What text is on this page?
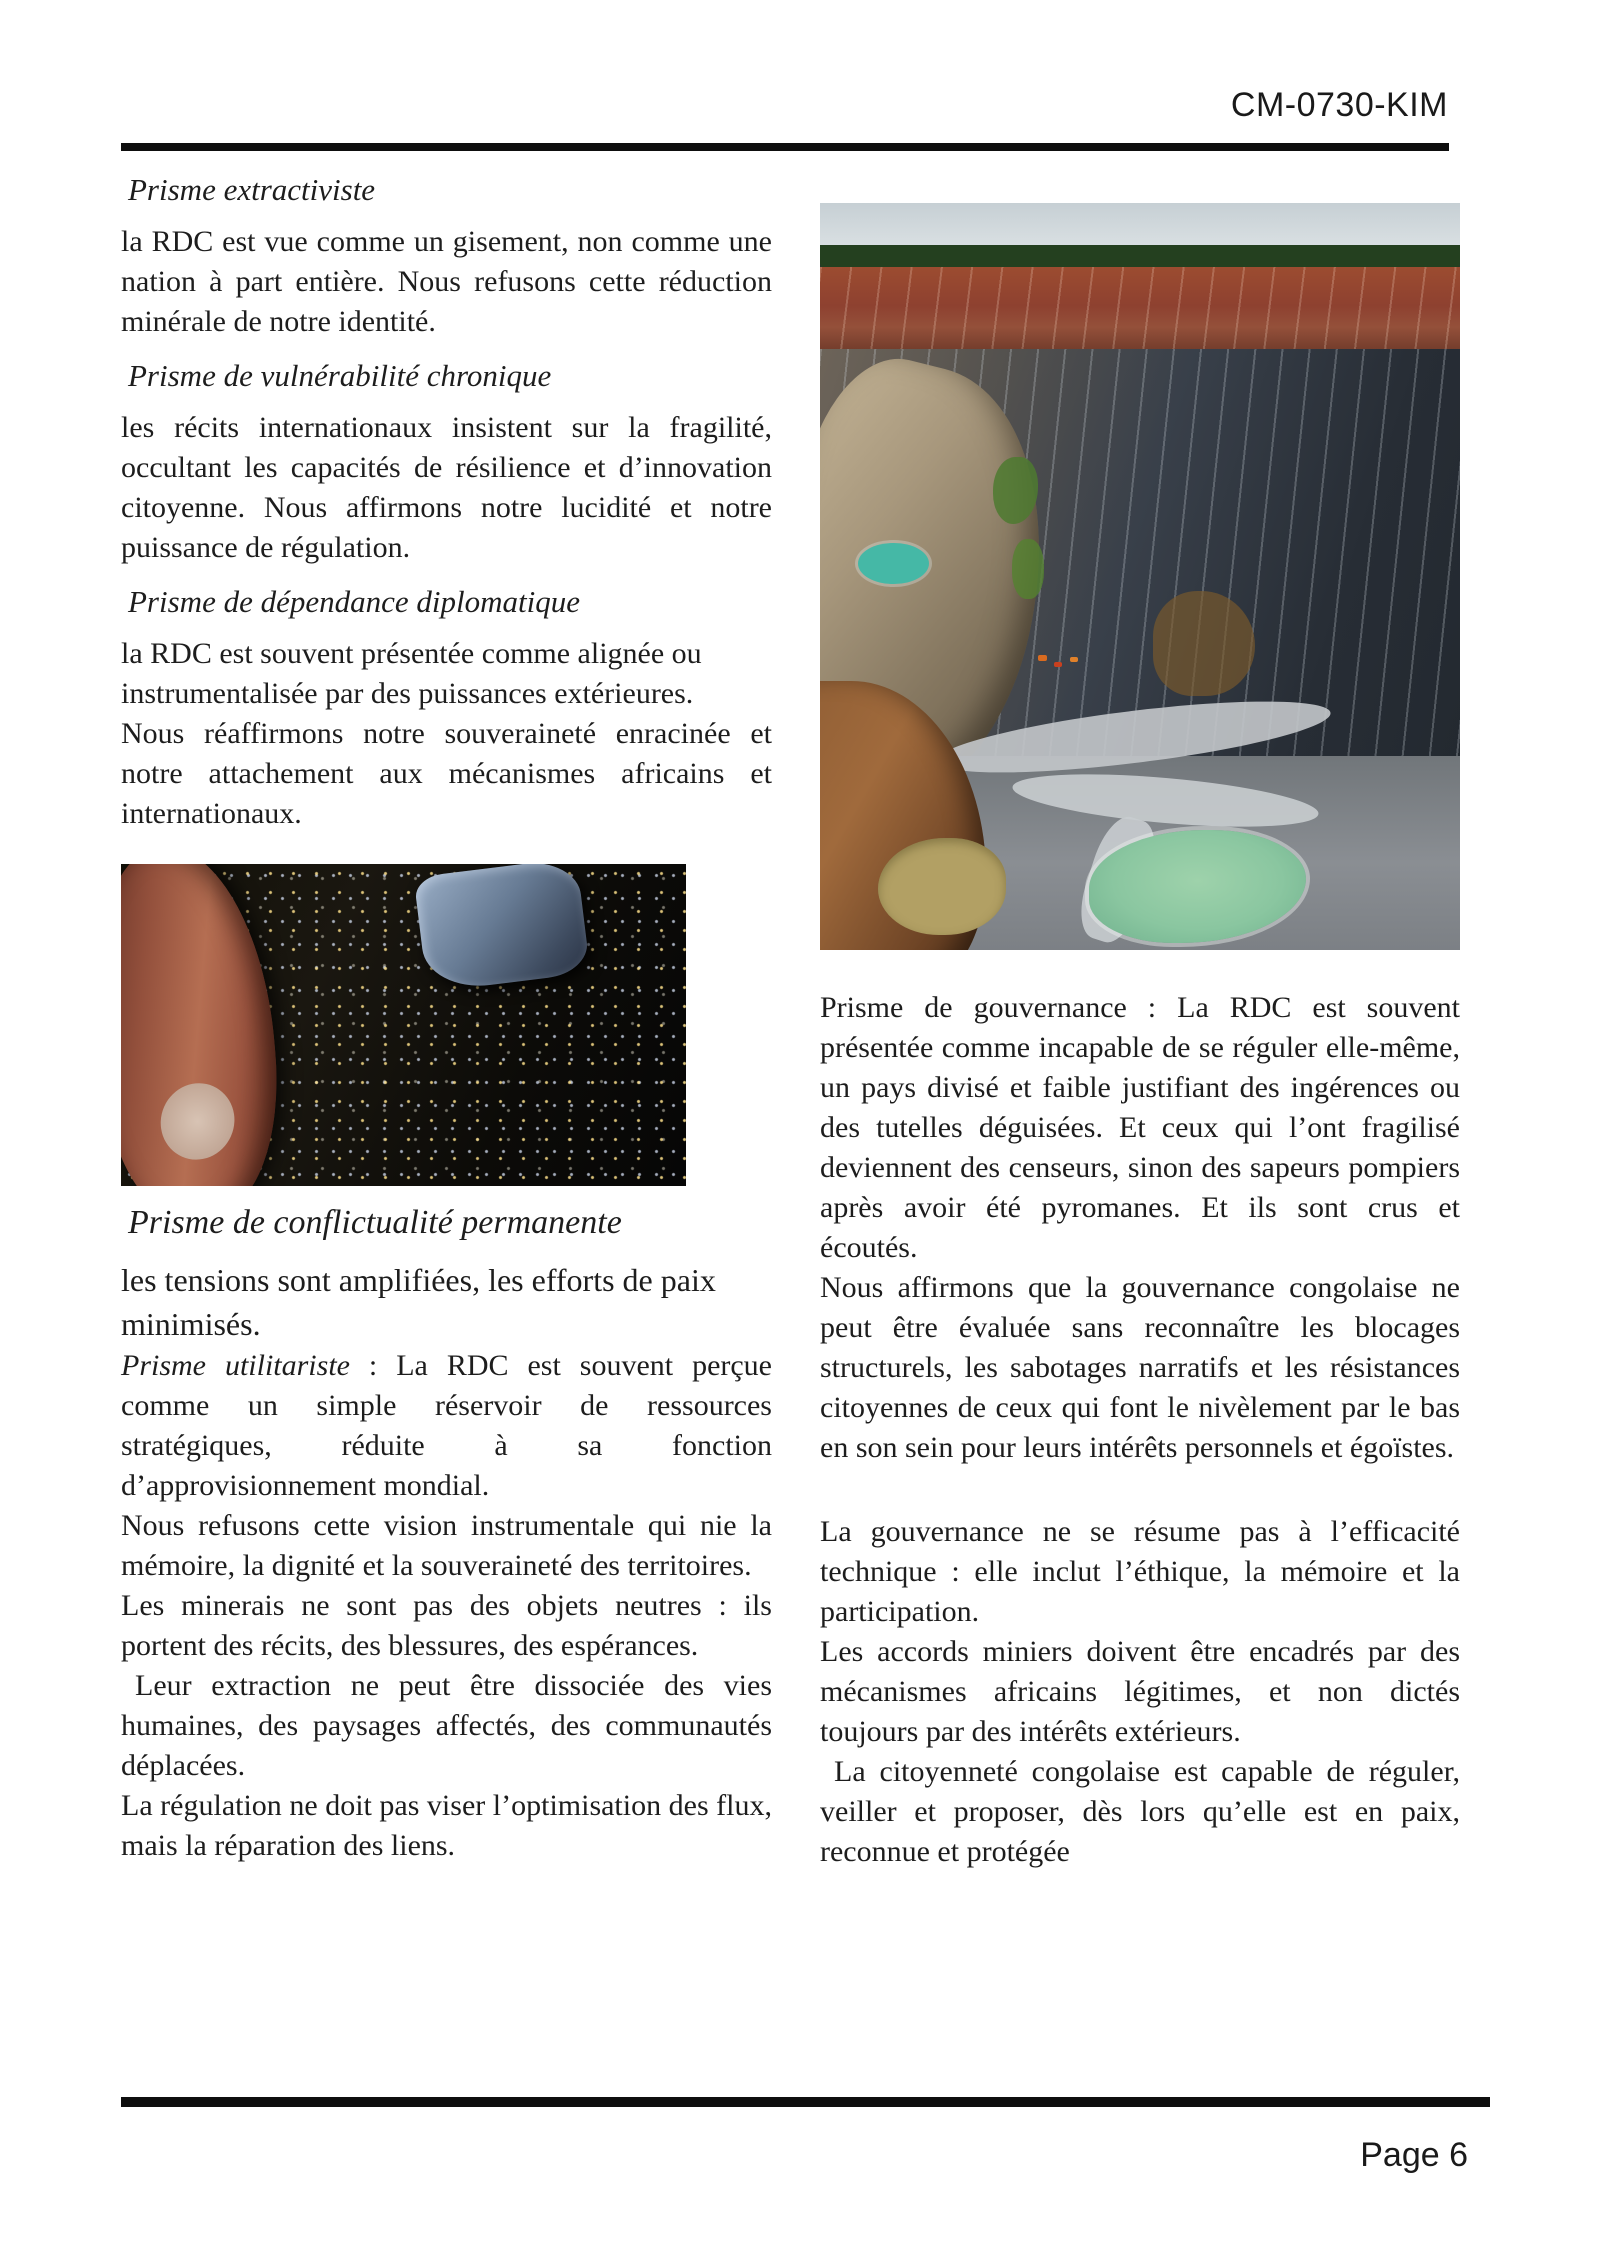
CM-0730-KIM
Prisme extractiviste

la RDC est vue comme un gisement, non comme une nation à part entière. Nous refusons cette réduction minérale de notre identité.

Prisme de vulnérabilité chronique

les récits internationaux insistent sur la fragilité, occultant les capacités de résilience et d’innovation citoyenne. Nous affirmons notre lucidité et notre puissance de régulation.

Prisme de dépendance diplomatique

la RDC est souvent présentée comme alignée ou instrumentalisée par des puissances extérieures.

Nous réaffirmons notre souveraineté enracinée et notre attachement aux mécanismes africains et internationaux.

Prisme de conflictualité permanente

les tensions sont amplifiées, les efforts de paix minimisés.

Prisme utilitariste : La RDC est souvent perçue comme un simple réservoir de ressources stratégiques, réduite à sa fonction d’approvisionnement mondial.

Nous refusons cette vision instrumentale qui nie la mémoire, la dignité et la souveraineté des territoires.

Les minerais ne sont pas des objets neutres : ils portent des récits, des blessures, des espérances.

Leur extraction ne peut être dissociée des vies humaines, des paysages affectés, des communautés déplacées.

La régulation ne doit pas viser l’optimisation des flux, mais la réparation des liens.

Prisme de gouvernance : La RDC est souvent présentée comme incapable de se réguler elle-même, un pays divisé et faible justifiant des ingérences ou des tutelles déguisées. Et ceux qui l’ont fragilisé deviennent des censeurs, sinon des sapeurs pompiers après avoir été pyromanes. Et ils sont crus et écoutés.

Nous affirmons que la gouvernance congolaise ne peut être évaluée sans reconnaître les blocages structurels, les sabotages narratifs et les résistances citoyennes de ceux qui font le nivèlement par le bas en son sein pour leurs intérêts personnels et égoïstes.

La gouvernance ne se résume pas à l’efficacité technique : elle inclut l’éthique, la mémoire et la participation.

Les accords miniers doivent être encadrés par des mécanismes africains légitimes, et non dictés toujours par des intérêts extérieurs.

La citoyenneté congolaise est capable de réguler, veiller et proposer, dès lors qu’elle est en paix, reconnue et protégée

Page 6
